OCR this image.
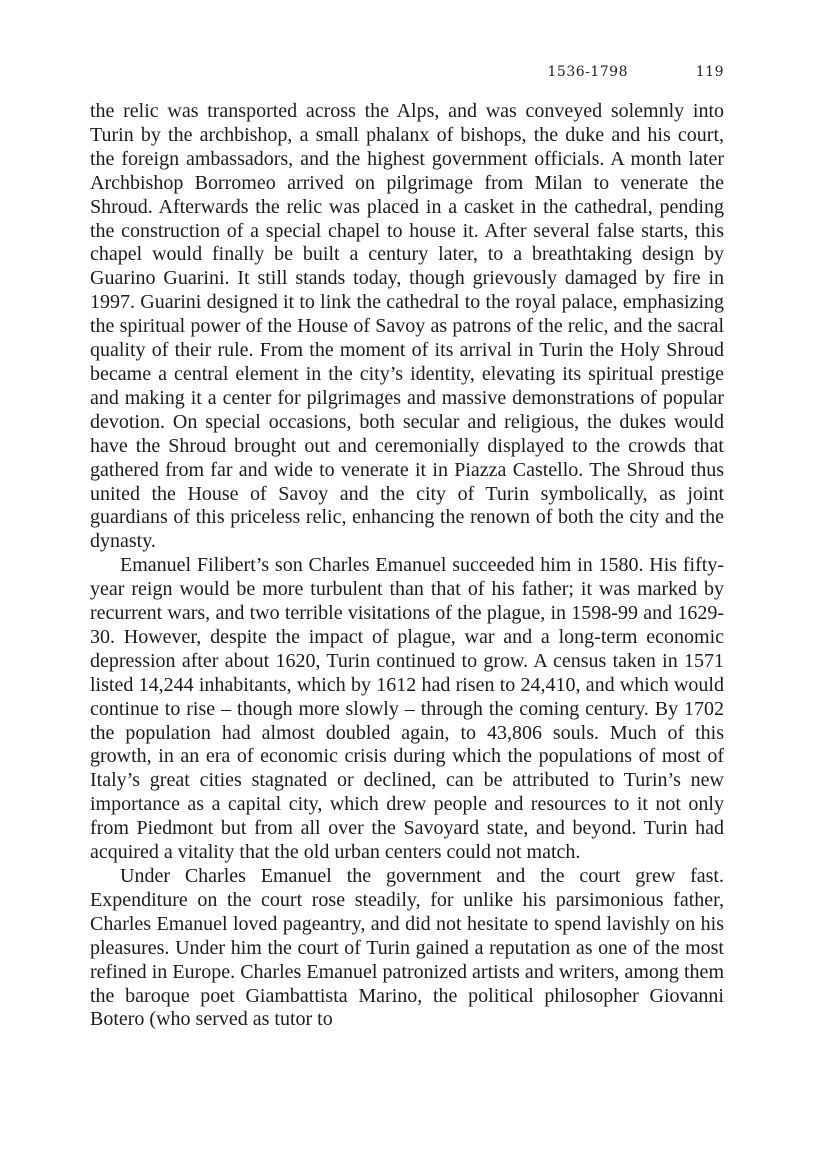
1536-1798	119

the relic was transported across the Alps, and was conveyed solemnly into Turin by the archbishop, a small phalanx of bishops, the duke and his court, the foreign ambassadors, and the highest government officials. A month later Archbishop Borromeo arrived on pilgrimage from Milan to venerate the Shroud. Afterwards the relic was placed in a casket in the cathedral, pending the construction of a special chapel to house it. After several false starts, this chapel would finally be built a century later, to a breathtaking design by Guarino Guarini. It still stands today, though grievously damaged by fire in 1997. Guarini designed it to link the cathedral to the royal palace, emphasizing the spiritual power of the House of Savoy as patrons of the relic, and the sacral quality of their rule. From the moment of its arrival in Turin the Holy Shroud became a central element in the city’s identity, elevating its spiritual prestige and making it a center for pilgrimages and massive demonstrations of popular devotion. On special occasions, both secular and religious, the dukes would have the Shroud brought out and ceremonially displayed to the crowds that gathered from far and wide to venerate it in Piazza Castello. The Shroud thus united the House of Savoy and the city of Turin symbolically, as joint guardians of this priceless relic, enhancing the renown of both the city and the dynasty.

Emanuel Filibert’s son Charles Emanuel succeeded him in 1580. His fifty-year reign would be more turbulent than that of his father; it was marked by recurrent wars, and two terrible visitations of the plague, in 1598-99 and 1629-30. However, despite the impact of plague, war and a long-term economic depression after about 1620, Turin continued to grow. A census taken in 1571 listed 14,244 inhabitants, which by 1612 had risen to 24,410, and which would continue to rise – though more slowly – through the coming century. By 1702 the population had almost doubled again, to 43,806 souls. Much of this growth, in an era of economic crisis during which the populations of most of Italy’s great cities stagnated or declined, can be attributed to Turin’s new importance as a capital city, which drew people and resources to it not only from Piedmont but from all over the Savoyard state, and beyond. Turin had acquired a vitality that the old urban centers could not match.

Under Charles Emanuel the government and the court grew fast. Expenditure on the court rose steadily, for unlike his parsimonious father, Charles Emanuel loved pageantry, and did not hesitate to spend lavishly on his pleasures. Under him the court of Turin gained a reputation as one of the most refined in Europe. Charles Emanuel patronized artists and writers, among them the baroque poet Giambattista Marino, the political philosopher Giovanni Botero (who served as tutor to
